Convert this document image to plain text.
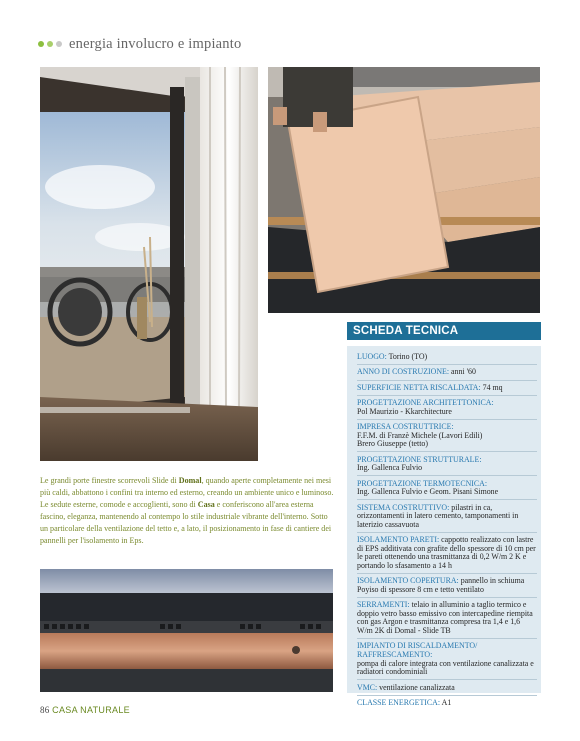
energia involucro e impianto
SCHEDA TECNICA
LUOGO: Torino (TO)
ANNO DI COSTRUZIONE: anni '60
SUPERFICIE NETTA RISCALDATA: 74 mq
PROGETTAZIONE ARCHITETTONICA:
Pol Maurizio - Kkarchitecture
IMPRESA COSTRUTTRICE:
F.F.M. di Franzè Michele (Lavori Edili)
Brero Giuseppe (tetto)
PROGETTAZIONE STRUTTURALE:
Ing. Gallenca Fulvio
PROGETTAZIONE TERMOTECNICA:
Ing. Gallenca Fulvio e Geom. Pisani Simone
SISTEMA COSTRUTTIVO: pilastri in ca, orizzontamenti in latero cemento, tamponamenti in laterizio cassavuota
ISOLAMENTO PARETI: cappotto realizzato con lastre di EPS additivata con grafite dello spessore di 10 cm per le pareti ottenendo una trasmittanza di 0,2 W/m 2 K e portando lo sfasamento a 14 h
ISOLAMENTO COPERTURA: pannello in schiuma Poyiso di spessore 8 cm e tetto ventilato
SERRAMENTI: telaio in alluminio a taglio termico e doppio vetro basso emissivo con intercapedine riempita con gas Argon e trasmittanza compresa tra 1,4 e 1,6 W/m 2K di Domal - Slide TB
IMPIANTO DI RISCALDAMENTO/ RAFFRESCAMENTO:
pompa di calore integrata con ventilazione canalizzata e radiatori condominiali
VMC: ventilazione canalizzata
CLASSE ENERGETICA: A1
Le grandi porte finestre scorrevoli Slide di Domal, quando aperte completamente nei mesi più caldi, abbattono i confini tra interno ed esterno, creando un ambiente unico e luminoso. Le sedute esterne, comode e accoglienti, sono di Casa e conferiscono all'area esterna fascino, eleganza, mantenendo al contempo lo stile industriale vibrante dell'interno. Sotto un particolare della ventilazione del tetto e, a lato, il posizionamento in fase di cantiere dei pannelli per l'isolamento in Eps.
86 CASA NATURALE
